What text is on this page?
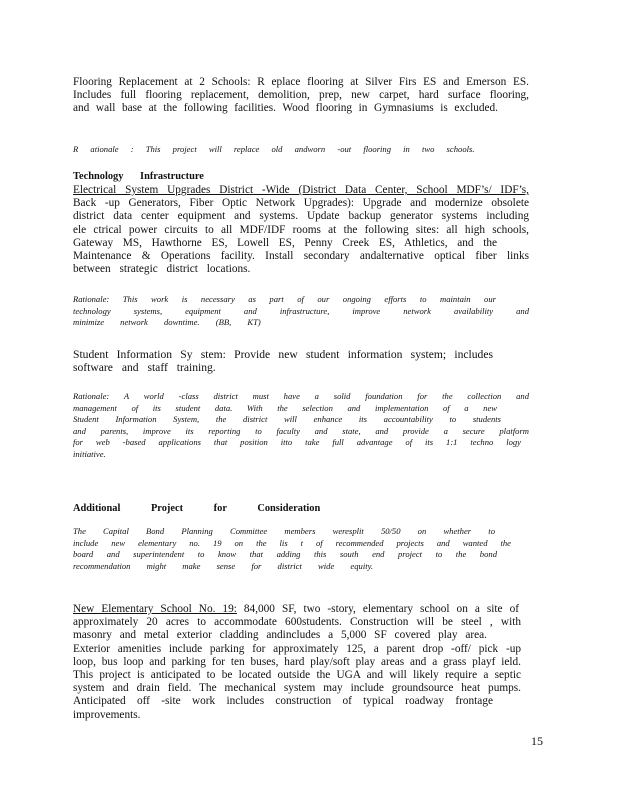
Flooring Replacement at 2 Schools: R eplace flooring at Silver Firs ES and Emerson ES.
Includes full flooring replacement, demolition, prep, new carpet, hard surface flooring,
and wall base at the following facilities. Wood flooring in Gymnasiums is excluded.
R ationale : This project will replace old andworn -out flooring in two schools.
Technology Infrastructure
Electrical System Upgrades District -Wide (District Data Center, School MDF’s/ IDF’s,
Back -up Generators, Fiber Optic Network Upgrades): Upgrade and modernize obsolete
district data center equipment and systems. Update backup generator systems including
ele ctrical power circuits to all MDF/IDF rooms at the following sites: all high schools,
Gateway MS, Hawthorne ES, Lowell ES, Penny Creek ES, Athletics, and the
Maintenance & Operations facility. Install secondary andalternative optical fiber links
between strategic district locations.
Rationale: This work is necessary as part of our ongoing efforts to maintain our
technology systems, equipment and infrastructure, improve network availability and
minimize network downtime. (BB, KT)
Student Information Sy stem: Provide new student information system; includes
software and staff training.
Rationale: A world -class district must have a solid foundation for the collection and
management of its student data. With the selection and implementation of a new
Student Information System, the district will enhance its accountability to students
and parents, improve its reporting to faculty and state, and provide a secure platform
for web -based applications that position itto take full advantage of its 1:1 techno logy
initiative.
Additional Project for Consideration
The Capital Bond Planning Committee members weresplit 50/50 on whether to
include new elementary no. 19 on the lis t of recommended projects and wanted the
board and superintendent to know that adding this south end project to the bond
recommendation might make sense for district wide equity.
New Elementary School No. 19: 84,000 SF, two -story, elementary school on a site of
approximately 20 acres to accommodate 600students. Construction will be steel , with
masonry and metal exterior cladding andincludes a 5,000 SF covered play area.
Exterior amenities include parking for approximately 125, a parent drop -off/ pick -up
loop, bus loop and parking for ten buses, hard play/soft play areas and a grass playf ield.
This project is anticipated to be located outside the UGA and will likely require a septic
system and drain field. The mechanical system may include groundsource heat pumps.
Anticipated off -site work includes construction of typical roadway frontage
improvements.
15
